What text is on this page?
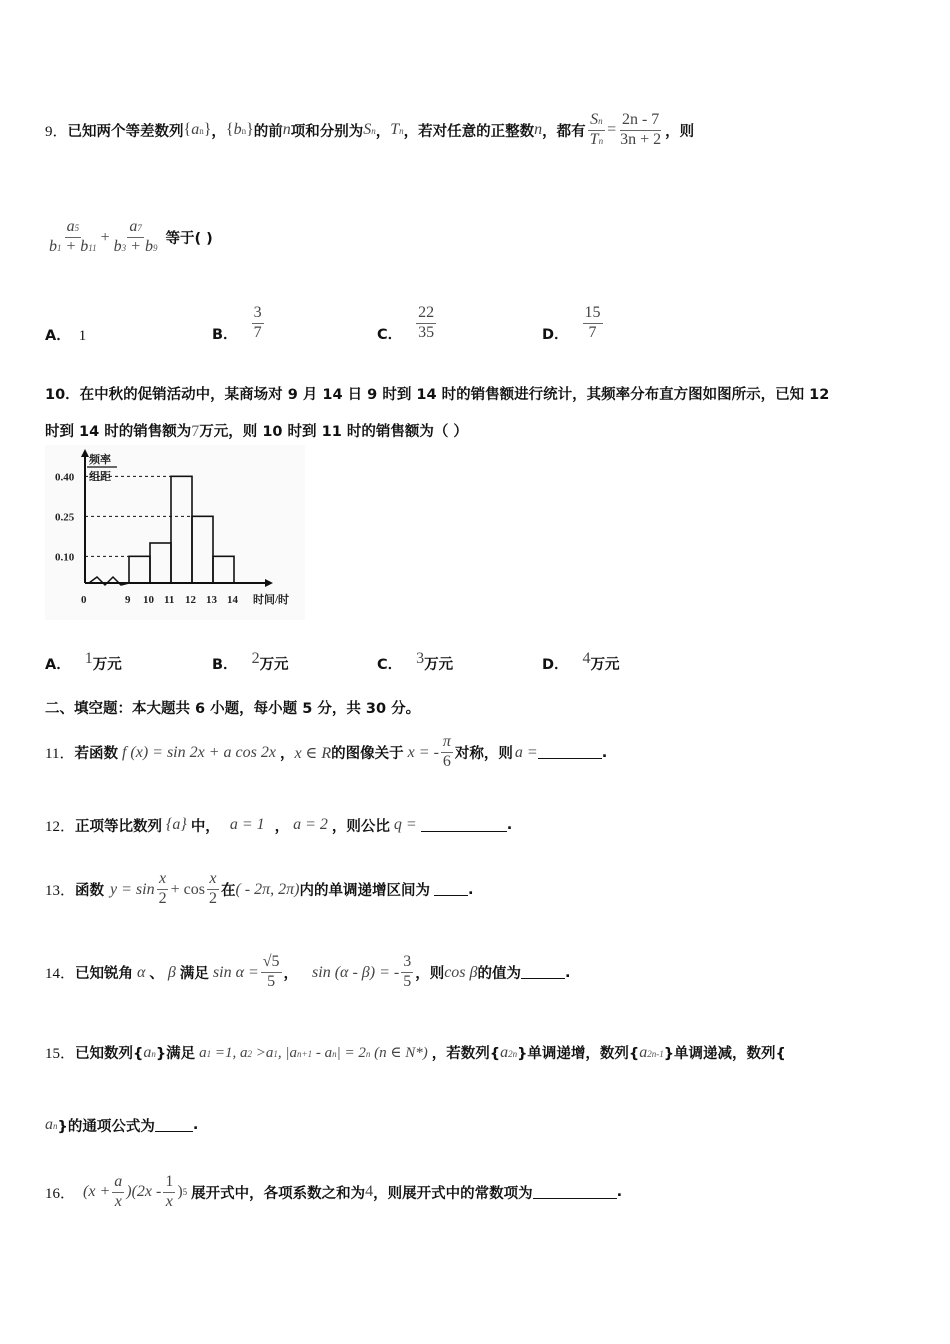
9． 已知两个等差数列 {an} ， {bn} 的前 n 项和分别为 Sn ， Tn ，若对任意的正整数 n ，都有 $\frac{Sn}{Tn} = \frac{2n - 7}{3n + 2}$ ，则
$\frac{a5}{b1 + b11} + \frac{a7}{b3 + b9}$ 等于( )
A． 1	B． $\frac{3}{7}$	C． $\frac{22}{35}$	D． $\frac{15}{7}$
10．在中秋的促销活动中，某商场对 9 月 14 日 9 时到 14 时的销售额进行统计，其频率分布直方图如图所示，已知 12
时到 14 时的销售额为7万元，则 10 时到 11 时的销售额为（ ）
频率
组距
时间/时
0.40
0.25
0.10
0	9 10 11 12 13 14
A． $^1$万元	B． $^2$万元	C． $^3$万元	D． $^4$万元
二、填空题：本大题共 6 小题，每小题 5 分，共 30 分。
11． 若函数 f (x) = sin 2x + a cos 2x ， x ∈ R 的图像关于 x = - $\frac{\pi}{6}$ 对称，则 a =	.
12． 正项等比数列 {a} 中， a = 1 ， a = 2 ，则公比 q =	.
13． 函数 $y = \sin \frac{x}{2} + \cos \frac{x}{2}$ 在 ( - 2π, 2π) 内的单调递增区间为	.
14． 已知锐角 α 、 β 满足 $\sin \alpha = \frac{√5}{5}$ ， sin (α - β) = - $\frac{3}{5}$ ，则 cos β 的值为	.
15． 已知数列{ an }满足 a1 =1, a2 >a1, |an+1 - an| = 2n (n ∈ N*) ，若数列{ a2n }单调递增，数列{ a2n-1 }单调递减，数列{
an }的通项公式为	.
16． $(x + \frac{a}{x} )(2x - \frac{1}{x}$ ) 5 展开式中，各项系数之和为 4 ，则展开式中的常数项为	.
